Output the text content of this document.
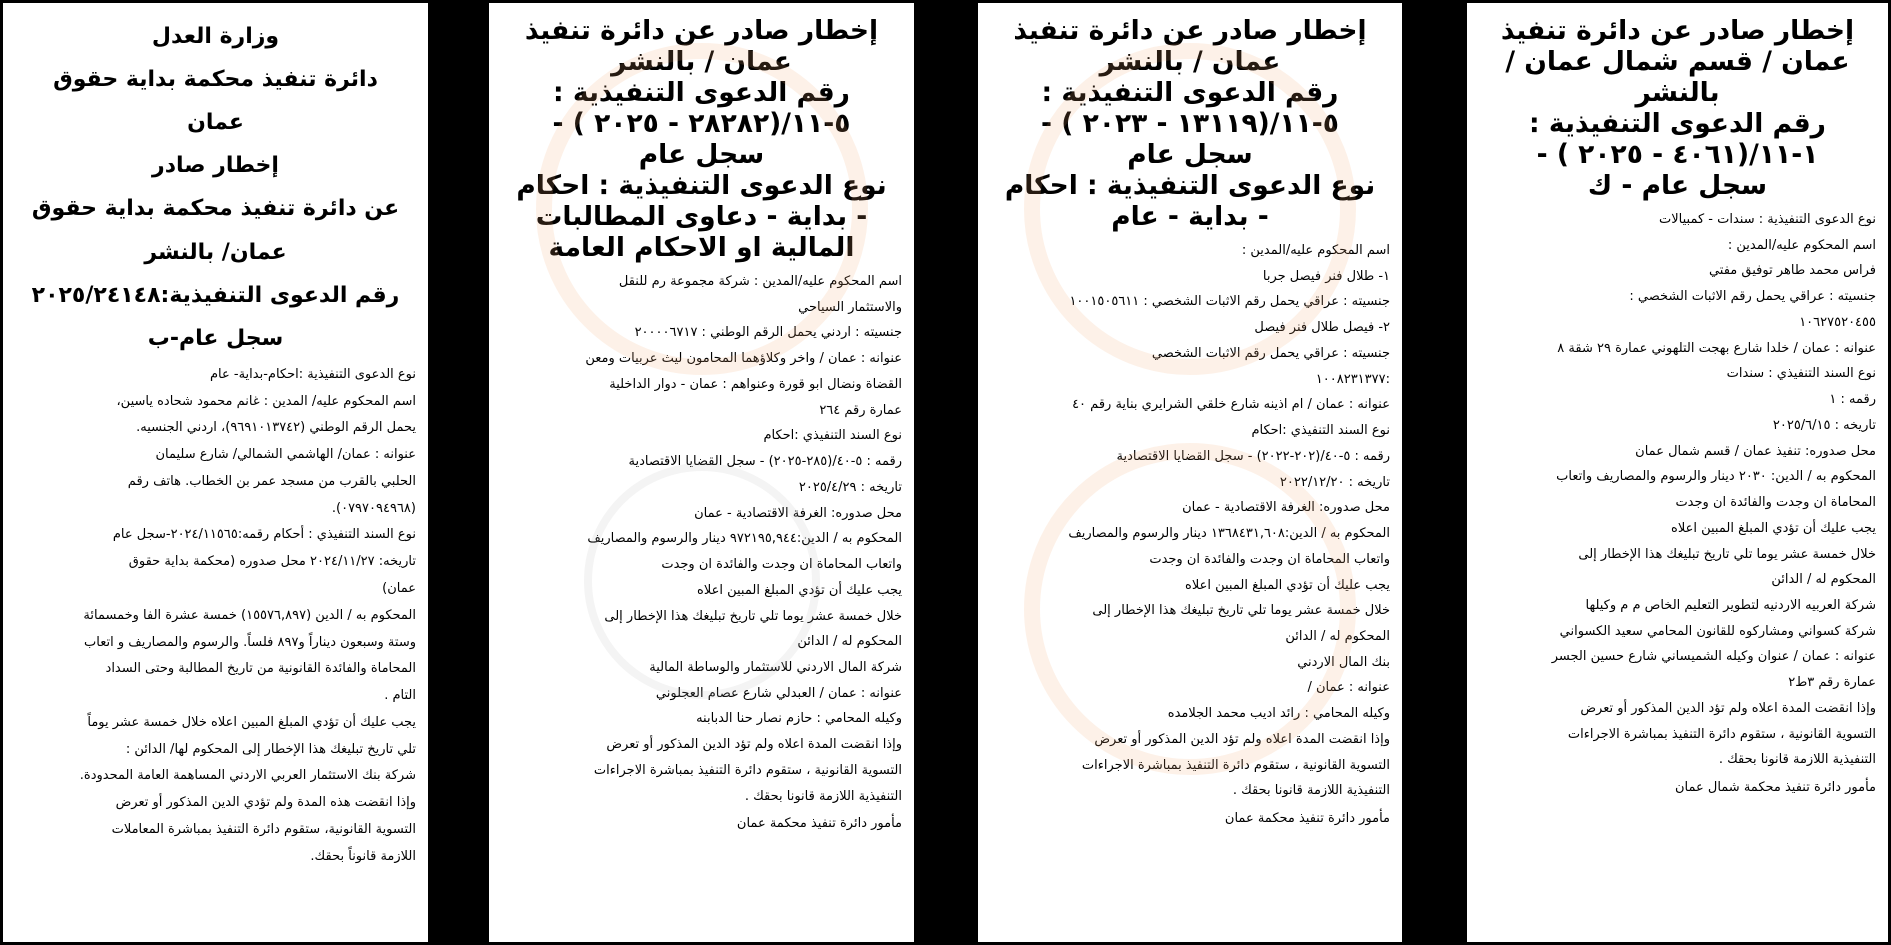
وزارة العدل
دائرة تنفيذ محكمة بداية حقوق
عمان
إخطار صادر
عن دائرة تنفيذ محكمة بداية حقوق
عمان/ بالنشر
رقم الدعوى التنفيذية:٢٠٢٥/٢٤١٤٨
سجل عام-ب

نوع الدعوى التنفيذية :احكام-بداية- عام

اسم المحكوم عليه/ المدين : غانم محمود شحاده ياسين،

يحمل الرقم الوطني (٩٦٩١٠١٣٧٤٢)، اردني الجنسيه.

عنوانه : عمان/ الهاشمي الشمالي/ شارع سليمان

الحلبي بالقرب من مسجد عمر بن الخطاب. هاتف رقم

(٠٧٩٧٠٩٤٩٦٨).

نوع السند التنفيذي : أحكام رقمه:٢٠٢٤/١١٥٦٥-سجل عام

تاريخه: ٢٠٢٤/١١/٢٧ محل صدوره (محكمة بداية حقوق

عمان)

المحكوم به / الدين (١٥٥٧٦,٨٩٧) خمسة عشرة الفا وخمسمائة

وستة وسبعون ديناراً و٨٩٧ فلساً. والرسوم والمصاريف و اتعاب

المحاماة والفائدة القانونية من تاريخ المطالبة وحتى السداد

التام .

يجب عليك أن تؤدي المبلغ المبين اعلاه خلال خمسة عشر يوماً

تلي تاريخ تبليغك هذا الإخطار إلى المحكوم لها/ الدائن :

شركة بنك الاستثمار العربي الاردني المساهمة العامة المحدودة.

وإذا انقضت هذه المدة ولم تؤدي الدين المذكور أو تعرض

التسوية القانونية، ستقوم دائرة التنفيذ بمباشرة المعاملات

اللازمة قانوناً بحقك.

إخطار صادر عن دائرة تنفيذ
عمان / بالنشر
رقم الدعوى التنفيذية :
٥-١١/(٢٨٢٨٢ - ٢٠٢٥ ) -
سجل عام
نوع الدعوى التنفيذية : احكام
- بداية - دعاوى المطالبات
المالية او الاحكام العامة

اسم المحكوم عليه/المدين : شركة مجموعة رم للنقل

والاستثمار السياحي

جنسيته : اردني يحمل الرقم الوطني : ٢٠٠٠٠٦٧١٧

عنوانه : عمان / واخر وكلاؤهما المحامون ليث عربيات ومعن

القضاة ونضال ابو قورة وعنواهم : عمان - دوار الداخلية

عمارة رقم ٢٦٤

نوع السند التنفيذي :احكام

رقمه : ٥-٤٠/(٢٨٥-٢٠٢٥) - سجل القضايا الاقتصادية

تاريخه : ٢٠٢٥/٤/٢٩

محل صدوره: الغرفة الاقتصادية - عمان

المحكوم به / الدين:٩٧٢١٩٥,٩٤٤ دينار والرسوم والمصاريف

واتعاب المحاماة ان وجدت والفائدة ان وجدت

يجب عليك أن تؤدي المبلغ المبين اعلاه

خلال خمسة عشر يوما تلي تاريخ تبليغك هذا الإخطار إلى

المحكوم له / الدائن

شركة المال الاردني للاستثمار والوساطة المالية

عنوانه : عمان / العبدلي شارع عصام العجلوني

وكيله المحامي : حازم نصار حنا الدبابنه

وإذا انقضت المدة اعلاه ولم تؤد الدين المذكور أو تعرض

التسوية القانونية ، ستقوم دائرة التنفيذ بمباشرة الاجراءات

التنفيذية اللازمة قانونا بحقك .

مأمور دائرة تنفيذ محكمة عمان

إخطار صادر عن دائرة تنفيذ
عمان / بالنشر
رقم الدعوى التنفيذية :
٥-١١/(١٣١١٩ - ٢٠٢٣ ) -
سجل عام
نوع الدعوى التنفيذية : احكام
- بداية - عام

اسم المحكوم عليه/المدين :

١- طلال فنر فيصل جربا

جنسيته : عراقي يحمل رقم الاثبات الشخصي : ١٠٠١٥٠٥٦١١

٢- فيصل طلال فنر فيصل

جنسيته : عراقي يحمل رقم الاثبات الشخصي

:١٠٠٨٢٣١٣٧٧

عنوانه : عمان / ام اذينه شارع خلقي الشرايري بناية رقم ٤٠

نوع السند التنفيذي :احكام

رقمه : ٥-٤٠/(٢٠٢-٢٠٢٢) - سجل القضايا الاقتصادية

تاريخه : ٢٠٢٢/١٢/٢٠

محل صدوره: الغرفة الاقتصادية - عمان

المحكوم به / الدين:١٣٦٨٤٣١,٦٠٨ دينار والرسوم والمصاريف

واتعاب المحاماة ان وجدت والفائدة ان وجدت

يجب عليك أن تؤدي المبلغ المبين اعلاه

خلال خمسة عشر يوما تلي تاريخ تبليغك هذا الإخطار إلى

المحكوم له / الدائن

بنك المال الاردني

عنوانه : عمان /

وكيله المحامي : رائد اديب محمد الجلامده

وإذا انقضت المدة اعلاه ولم تؤد الدين المذكور أو تعرض

التسوية القانونية ، ستقوم دائرة التنفيذ بمباشرة الاجراءات

التنفيذية اللازمة قانونا بحقك .

مأمور دائرة تنفيذ محكمة عمان

إخطار صادر عن دائرة تنفيذ
عمان / قسم شمال عمان /
بالنشر
رقم الدعوى التنفيذية :
١-١١/(٤٠٦١ - ٢٠٢٥ ) -
سجل عام - ك

نوع الدعوى التنفيذية : سندات - كمبيالات

اسم المحكوم عليه/المدين :

فراس محمد طاهر توفيق مفتي

جنسيته : عراقي يحمل رقم الاثبات الشخصي :

١٠٦٢٧٥٢٠٤٥٥

عنوانه : عمان / خلدا شارع بهجت التلهوني عمارة ٢٩ شقة ٨

نوع السند التنفيذي : سندات

رقمه : ١

تاريخه : ٢٠٢٥/٦/١٥

محل صدوره: تنفيذ عمان / قسم شمال عمان

المحكوم به / الدين: ٢٠٣٠ دينار والرسوم والمصاريف واتعاب

المحاماة ان وجدت والفائدة ان وجدت

يجب عليك أن تؤدي المبلغ المبين اعلاه

خلال خمسة عشر يوما تلي تاريخ تبليغك هذا الإخطار إلى

المحكوم له / الدائن

شركة العربيه الاردنيه لتطوير التعليم الخاص م م وكيلها

شركة كسواني ومشاركوه للقانون المحامي سعيد الكسواني

عنوانه : عمان / عنوان وكيله الشميساني شارع حسين الجسر

عمارة رقم ٣ط٢

وإذا انقضت المدة اعلاه ولم تؤد الدين المذكور أو تعرض

التسوية القانونية ، ستقوم دائرة التنفيذ بمباشرة الاجراءات

التنفيذية اللازمة قانونا بحقك .

مأمور دائرة تنفيذ محكمة شمال عمان
